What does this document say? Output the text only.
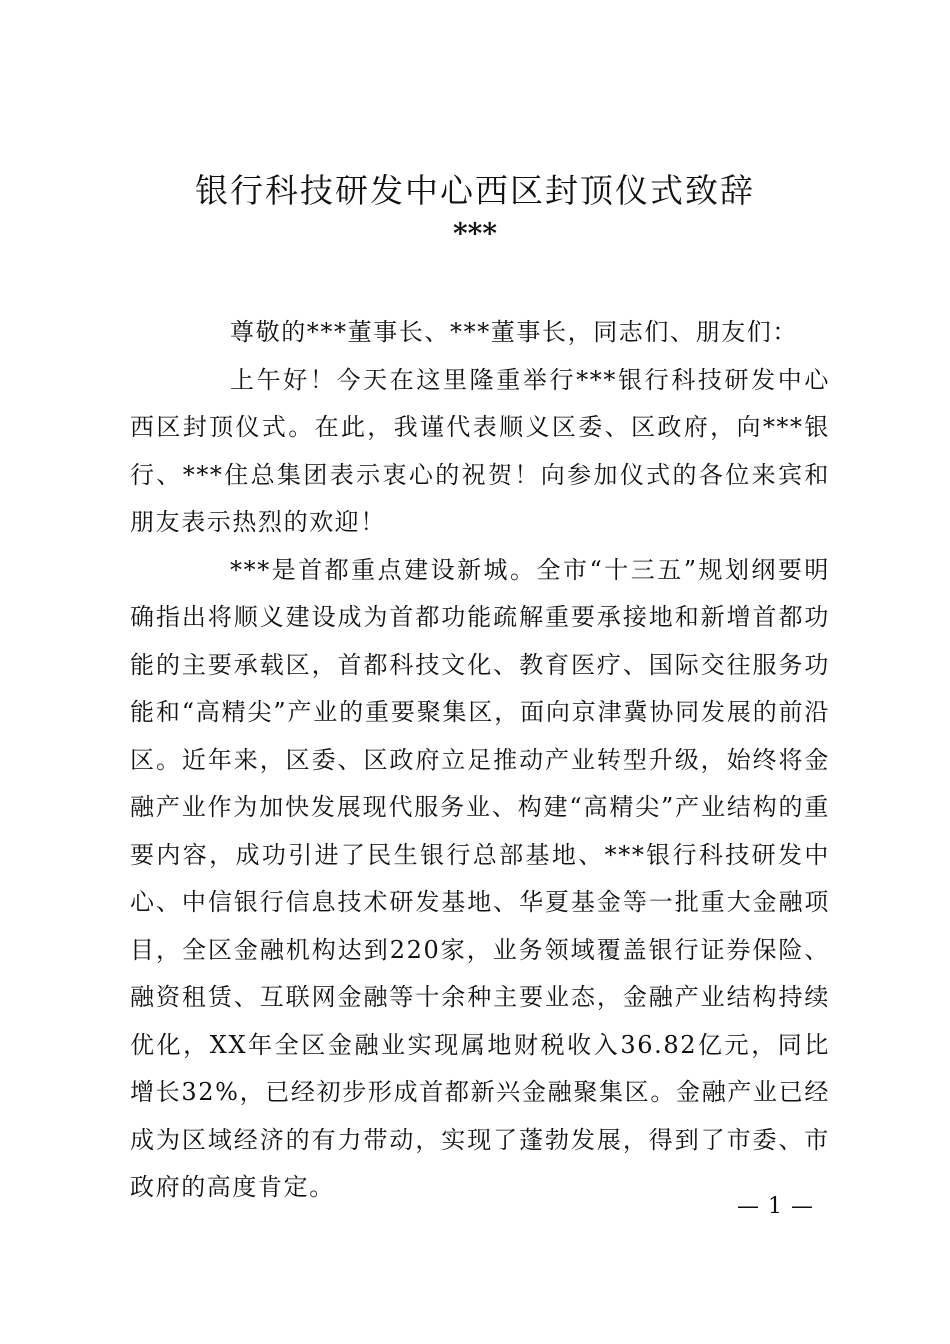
银行科技研发中心西区封顶仪式致辞
***

尊敬的***董事长、***董事长，同志们、朋友们：

上午好！今天在这里隆重举行***银行科技研发中心西区封顶仪式。在此，我谨代表顺义区委、区政府，向***银行、***住总集团表示衷心的祝贺！向参加仪式的各位来宾和朋友表示热烈的欢迎！

***是首都重点建设新城。全市“十三五”规划纲要明确指出将顺义建设成为首都功能疏解重要承接地和新增首都功能的主要承载区，首都科技文化、教育医疗、国际交往服务功能和“高精尖”产业的重要聚集区，面向京津冀协同发展的前沿区。近年来，区委、区政府立足推动产业转型升级，始终将金融产业作为加快发展现代服务业、构建“高精尖”产业结构的重要内容，成功引进了民生银行总部基地、***银行科技研发中心、中信银行信息技术研发基地、华夏基金等一批重大金融项目，全区金融机构达到220家，业务领域覆盖银行证券保险、融资租赁、互联网金融等十余种主要业态，金融产业结构持续优化，XX年全区金融业实现属地财税收入36.82亿元，同比增长32%，已经初步形成首都新兴金融聚集区。金融产业已经成为区域经济的有力带动，实现了蓬勃发展，得到了市委、市政府的高度肯定。

— 1 —
